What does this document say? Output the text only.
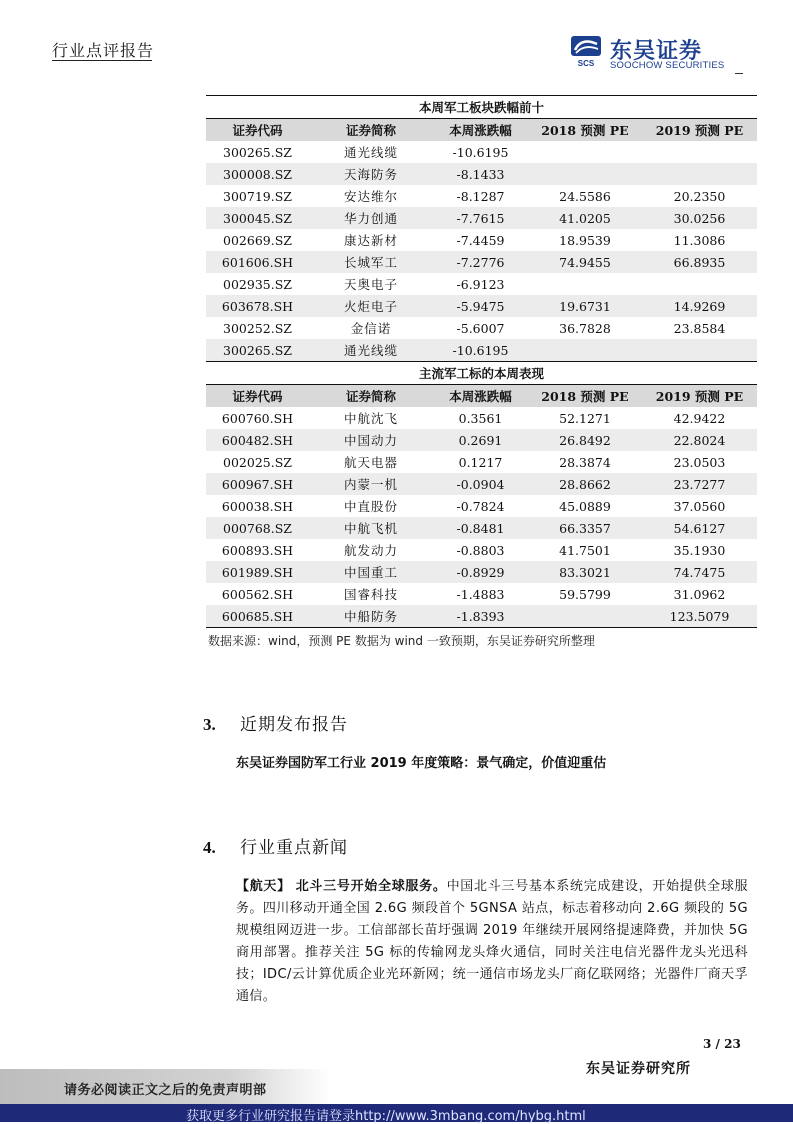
行业点评报告
SCS 东吴证券
SOOCHOW SECURITIES
本周军工板块跌幅前十				
证券代码	证券简称	本周涨跌幅	2018 预测 PE	2019 预测 PE
300265.SZ	通光线缆	-10.6195		
300008.SZ	天海防务	-8.1433		
300719.SZ	安达维尔	-8.1287	24.5586	20.2350
300045.SZ	华力创通	-7.7615	41.0205	30.0256
002669.SZ	康达新材	-7.4459	18.9539	11.3086
601606.SH	长城军工	-7.2776	74.9455	66.8935
002935.SZ	天奥电子	-6.9123		
603678.SH	火炬电子	-5.9475	19.6731	14.9269
300252.SZ	金信诺	-5.6007	36.7828	23.8584
300265.SZ	通光线缆	-10.6195		
主流军工标的本周表现				
证券代码	证券简称	本周涨跌幅	2018 预测 PE	2019 预测 PE
600760.SH	中航沈飞	0.3561	52.1271	42.9422
600482.SH	中国动力	0.2691	26.8492	22.8024
002025.SZ	航天电器	0.1217	28.3874	23.0503
600967.SH	内蒙一机	-0.0904	28.8662	23.7277
600038.SH	中直股份	-0.7824	45.0889	37.0560
000768.SZ	中航飞机	-0.8481	66.3357	54.6127
600893.SH	航发动力	-0.8803	41.7501	35.1930
601989.SH	中国重工	-0.8929	83.3021	74.7475
600562.SH	国睿科技	-1.4883	59.5799	31.0962
600685.SH	中船防务	-1.8393		123.5079
数据来源：wind，预测 PE 数据为 wind 一致预期，东吴证券研究所整理
3. 近期发布报告
东吴证券国防军工行业 2019 年度策略：景气确定，价值迎重估
4. 行业重点新闻
【航天】 北斗三号开始全球服务。中国北斗三号基本系统完成建设，开始提供全球服务。四川移动开通全国 2.6G 频段首个 5GNSA 站点，标志着移动向 2.6G 频段的 5G 规模组网迈进一步。工信部部长苗圩强调 2019 年继续开展网络提速降费，并加快 5G 商用部署。推荐关注 5G 标的传输网龙头烽火通信，同时关注电信光器件龙头光迅科技；IDC/云计算优质企业光环新网；统一通信市场龙头厂商亿联网络；光器件厂商天孚通信。
3 / 23
东吴证券研究所
请务必阅读正文之后的免责声明部
获取更多行业研究报告请登录http://www.3mbang.com/hybg.html
